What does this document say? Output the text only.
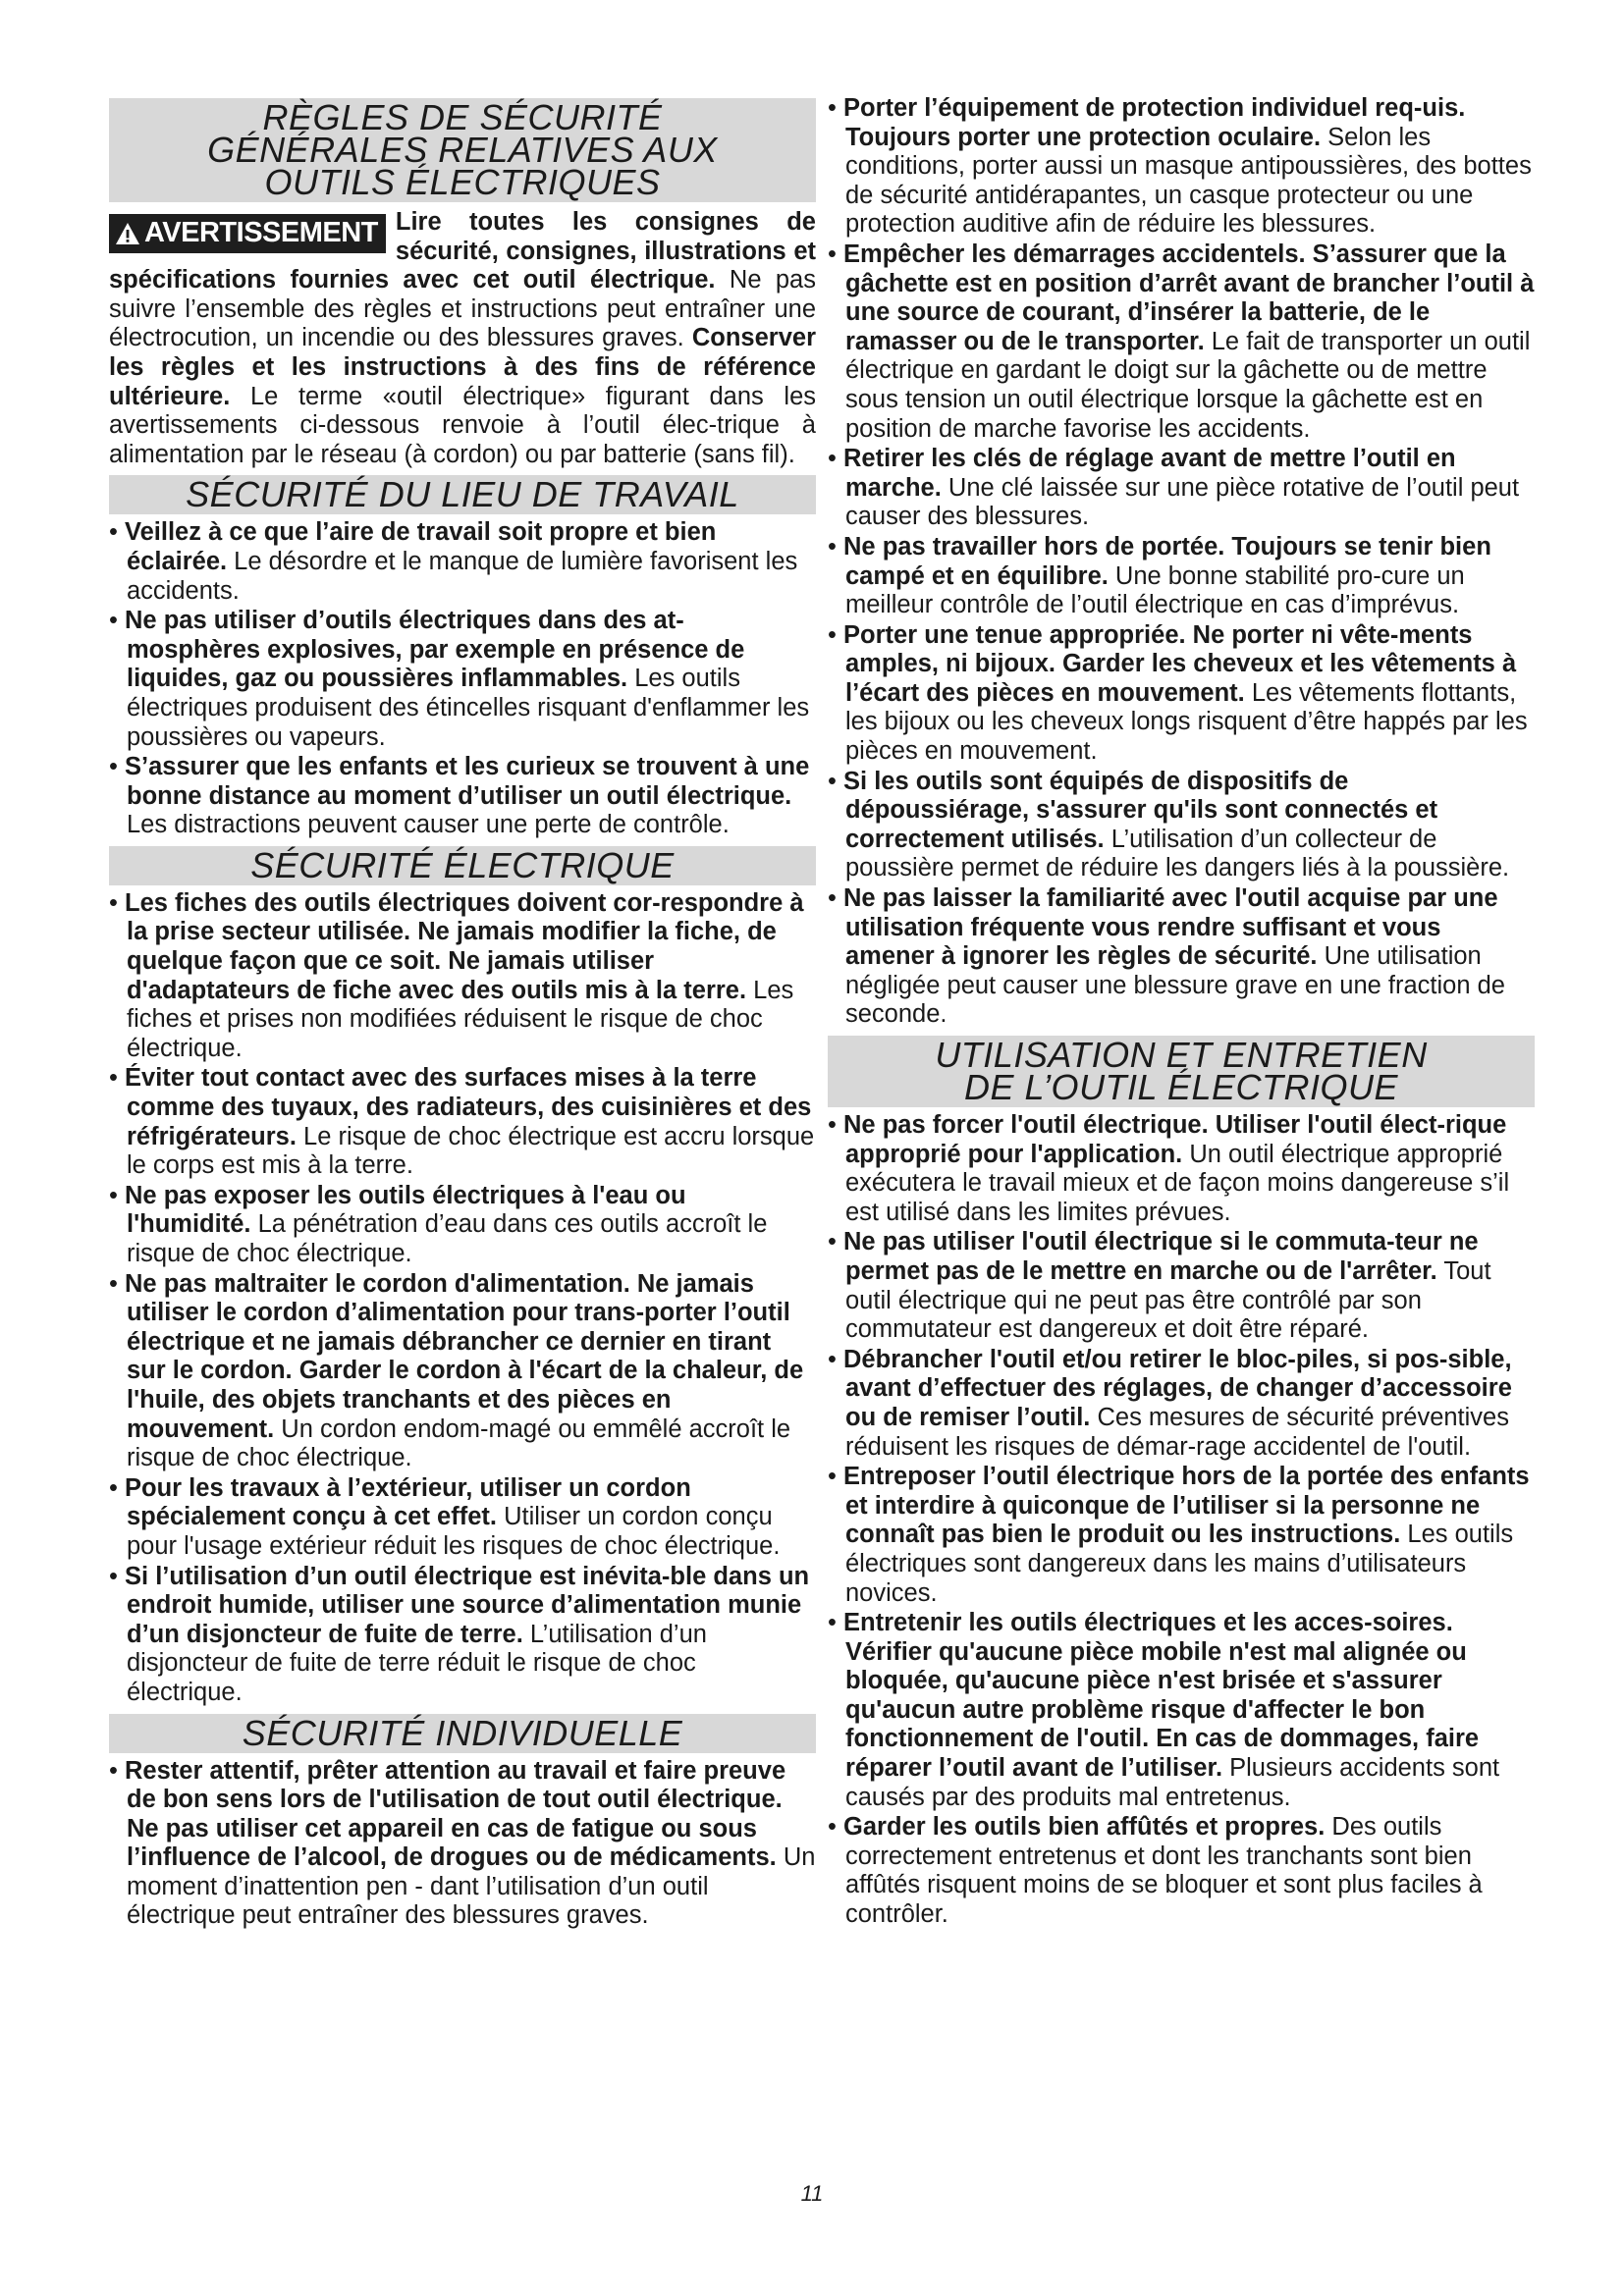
RÈGLES DE SÉCURITÉ
GÉNÉRALES RELATIVES AUX
OUTILS ÉLECTRIQUES
AVERTISSEMENT Lire toutes les consignes de sécurité, consignes, illustrations et spécifications fournies avec cet outil électrique. Ne pas suivre l’ensemble des règles et instructions peut entraîner une électrocution, un incendie ou des blessures graves. Conserver les règles et les instructions à des fins de référence ultérieure. Le terme «outil électrique» figurant dans les avertissements ci-dessous renvoie à l’outil élec-trique à alimentation par le réseau (à cordon) ou par batterie (sans fil).
SÉCURITÉ DU LIEU DE TRAVAIL

• Veillez à ce que l’aire de travail soit propre et bien éclairée. Le désordre et le manque de lumière favorisent les accidents.

• Ne pas utiliser d’outils électriques dans des at-mosphères explosives, par exemple en présence de liquides, gaz ou poussières inflammables. Les outils électriques produisent des étincelles risquant d'enflammer les poussières ou vapeurs.

• S’assurer que les enfants et les curieux se trouvent à une bonne distance au moment d’utiliser un outil électrique. Les distractions peuvent causer une perte de contrôle.

SÉCURITÉ ÉLECTRIQUE

• Les fiches des outils électriques doivent cor-respondre à la prise secteur utilisée. Ne jamais modifier la fiche, de quelque façon que ce soit. Ne jamais utiliser d'adaptateurs de fiche avec des outils mis à la terre. Les fiches et prises non modifiées réduisent le risque de choc électrique.

• Éviter tout contact avec des surfaces mises à la terre comme des tuyaux, des radiateurs, des cuisinières et des réfrigérateurs. Le risque de choc électrique est accru lorsque le corps est mis à la terre.

• Ne pas exposer les outils électriques à l'eau ou l'humidité. La pénétration d’eau dans ces outils accroît le risque de choc électrique.

• Ne pas maltraiter le cordon d'alimentation. Ne jamais utiliser le cordon d’alimentation pour trans-porter l’outil électrique et ne jamais débrancher ce dernier en tirant sur le cordon. Garder le cordon à l'écart de la chaleur, de l'huile, des objets tranchants et des pièces en mouvement. Un cordon endom-magé ou emmêlé accroît le risque de choc électrique.

• Pour les travaux à l’extérieur, utiliser un cordon spécialement conçu à cet effet. Utiliser un cordon conçu pour l'usage extérieur réduit les risques de choc électrique.

• Si l’utilisation d’un outil électrique est inévita-ble dans un endroit humide, utiliser une source d’alimentation munie d’un disjoncteur de fuite de terre. L’utilisation d’un disjoncteur de fuite de terre réduit le risque de choc électrique.

SÉCURITÉ INDIVIDUELLE

• Rester attentif, prêter attention au travail et faire preuve de bon sens lors de l'utilisation de tout outil électrique. Ne pas utiliser cet appareil en cas de fatigue ou sous l’influence de l’alcool, de drogues ou de médicaments. Un moment d’inattention pen - dant l’utilisation d’un outil électrique peut entraîner des blessures graves.

• Porter l’équipement de protection individuel req-uis. Toujours porter une protection oculaire. Selon les conditions, porter aussi un masque antipoussières, des bottes de sécurité antidérapantes, un casque protecteur ou une protection auditive afin de réduire les blessures.

• Empêcher les démarrages accidentels. S’assurer que la gâchette est en position d’arrêt avant de brancher l’outil à une source de courant, d’insérer la batterie, de le ramasser ou de le transporter. Le fait de transporter un outil électrique en gardant le doigt sur la gâchette ou de mettre sous tension un outil électrique lorsque la gâchette est en position de marche favorise les accidents.

• Retirer les clés de réglage avant de mettre l’outil en marche. Une clé laissée sur une pièce rotative de l’outil peut causer des blessures.

• Ne pas travailler hors de portée. Toujours se tenir bien campé et en équilibre. Une bonne stabilité pro-cure un meilleur contrôle de l’outil électrique en cas d’imprévus.

• Porter une tenue appropriée. Ne porter ni vête-ments amples, ni bijoux. Garder les cheveux et les vêtements à l’écart des pièces en mouvement. Les vêtements flottants, les bijoux ou les cheveux longs risquent d’être happés par les pièces en mouvement.

• Si les outils sont équipés de dispositifs de dépoussiérage, s'assurer qu'ils sont connectés et correctement utilisés. L’utilisation d’un collecteur de poussière permet de réduire les dangers liés à la poussière.

• Ne pas laisser la familiarité avec l'outil acquise par une utilisation fréquente vous rendre suffisant et vous amener à ignorer les règles de sécurité. Une utilisation négligée peut causer une blessure grave en une fraction de seconde.

UTILISATION ET ENTRETIEN
DE L’OUTIL ÉLECTRIQUE

• Ne pas forcer l'outil électrique. Utiliser l'outil élect-rique approprié pour l'application. Un outil électrique approprié exécutera le travail mieux et de façon moins dangereuse s’il est utilisé dans les limites prévues.

• Ne pas utiliser l'outil électrique si le commuta-teur ne permet pas de le mettre en marche ou de l'arrêter. Tout outil électrique qui ne peut pas être contrôlé par son commutateur est dangereux et doit être réparé.

• Débrancher l'outil et/ou retirer le bloc-piles, si pos-sible, avant d’effectuer des réglages, de changer d’accessoire ou de remiser l’outil. Ces mesures de sécurité préventives réduisent les risques de démar-rage accidentel de l'outil.

• Entreposer l’outil électrique hors de la portée des enfants et interdire à quiconque de l’utiliser si la personne ne connaît pas bien le produit ou les instructions. Les outils électriques sont dangereux dans les mains d’utilisateurs novices.

• Entretenir les outils électriques et les acces-soires. Vérifier qu'aucune pièce mobile n'est mal alignée ou bloquée, qu'aucune pièce n'est brisée et s'assurer qu'aucun autre problème risque d'affecter le bon fonctionnement de l'outil. En cas de dommages, faire réparer l’outil avant de l’utiliser. Plusieurs accidents sont causés par des produits mal entretenus.

• Garder les outils bien affûtés et propres. Des outils correctement entretenus et dont les tranchants sont bien affûtés risquent moins de se bloquer et sont plus faciles à contrôler.

11
